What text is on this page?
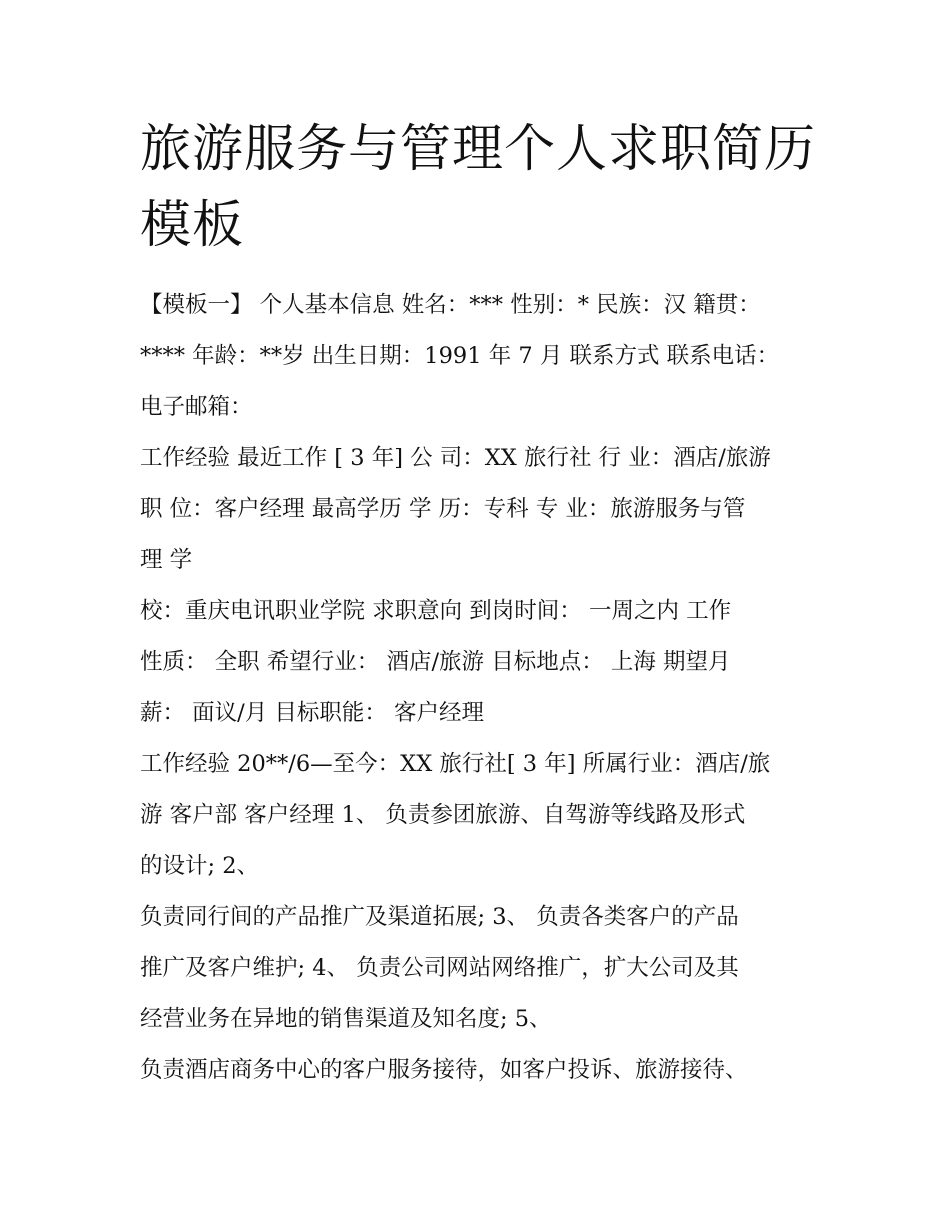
旅游服务与管理个人求职简历
模板
【模板一】 个人基本信息 姓名：*** 性别：* 民族：汉 籍贯：
**** 年龄：**岁 出生日期：1991 年 7 月 联系方式 联系电话：
电子邮箱：
工作经验 最近工作 [ 3 年] 公 司：XX 旅行社 行 业：酒店/旅游
职 位：客户经理 最高学历 学 历：专科 专 业：旅游服务与管
理 学
校：重庆电讯职业学院 求职意向 到岗时间： 一周之内 工作
性质： 全职 希望行业： 酒店/旅游 目标地点： 上海 期望月
薪： 面议/月 目标职能： 客户经理
工作经验 20**/6—至今：XX 旅行社[ 3 年] 所属行业：酒店/旅
游 客户部 客户经理 1、 负责参团旅游、自驾游等线路及形式
的设计; 2、
负责同行间的产品推广及渠道拓展; 3、 负责各类客户的产品
推广及客户维护; 4、 负责公司网站网络推广，扩大公司及其
经营业务在异地的销售渠道及知名度; 5、
负责酒店商务中心的客户服务接待，如客户投诉、旅游接待、
